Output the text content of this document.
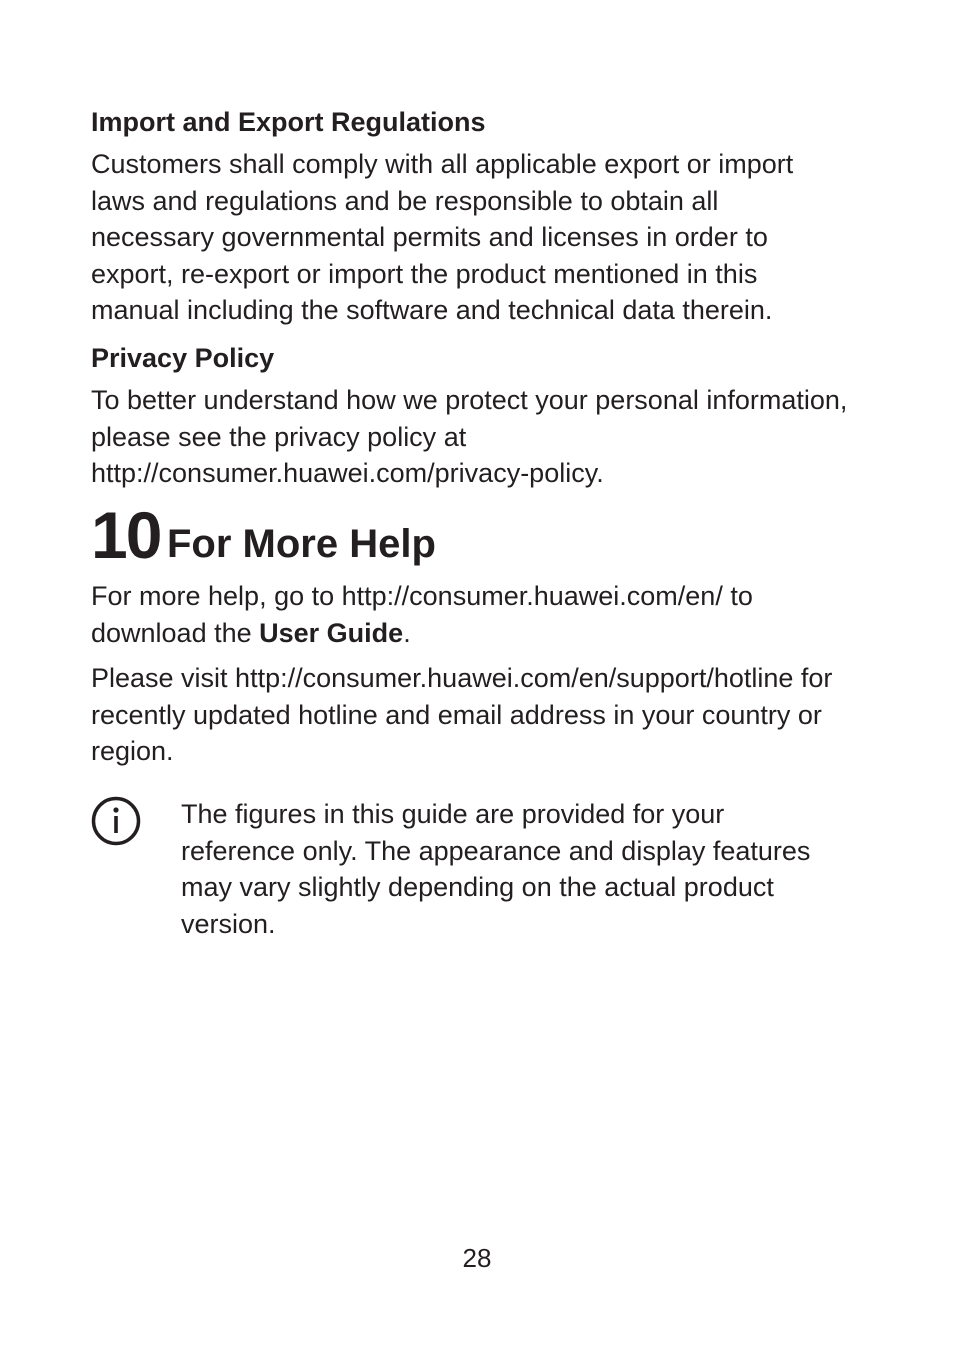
Import and Export Regulations
Customers shall comply with all applicable export or import
laws and regulations and be responsible to obtain all
necessary governmental permits and licenses in order to
export, re-export or import the product mentioned in this
manual including the software and technical data therein.
Privacy Policy
To better understand how we protect your personal information,
please see the privacy policy at
http://consumer.huawei.com/privacy-policy.
10 For More Help
For more help, go to http://consumer.huawei.com/en/ to
download the User Guide.
Please visit http://consumer.huawei.com/en/support/hotline for
recently updated hotline and email address in your country or
region.
The figures in this guide are provided for your
reference only. The appearance and display features
may vary slightly depending on the actual product
version.
28
